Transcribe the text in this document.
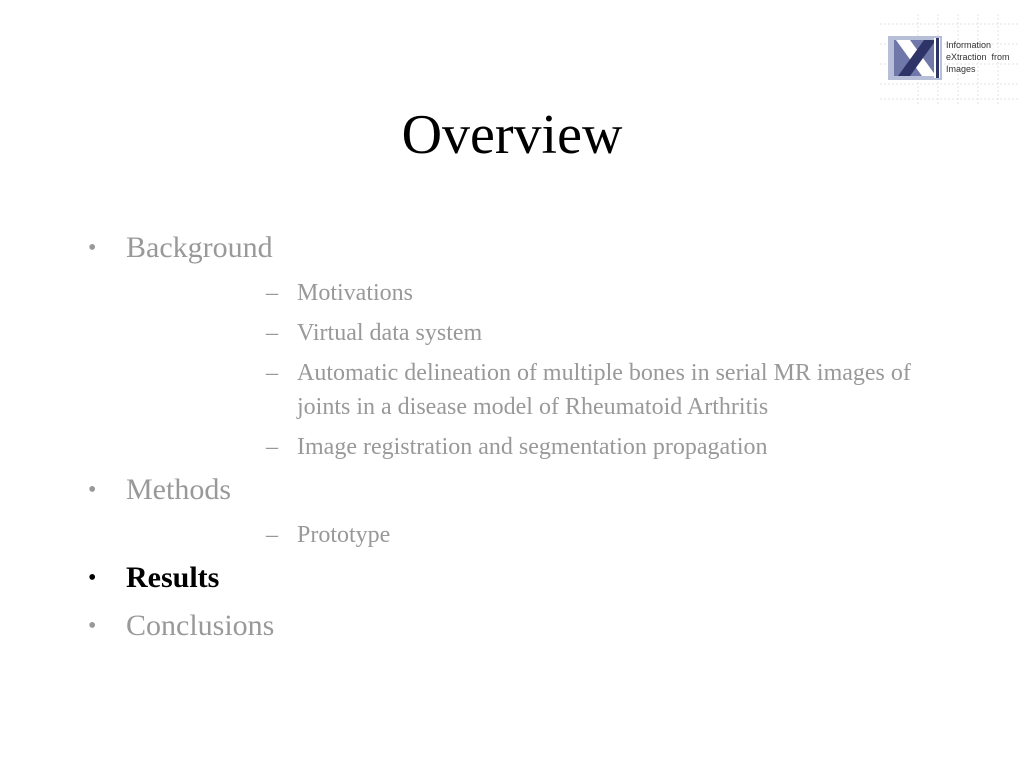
Information
eXtraction  from
Images
Overview
• Background
– Motivations
– Virtual data system
– Automatic delineation of multiple bones in serial MR images of joints in a disease model of Rheumatoid Arthritis
– Image registration and segmentation propagation
• Methods
– Prototype
• Results
• Conclusions
